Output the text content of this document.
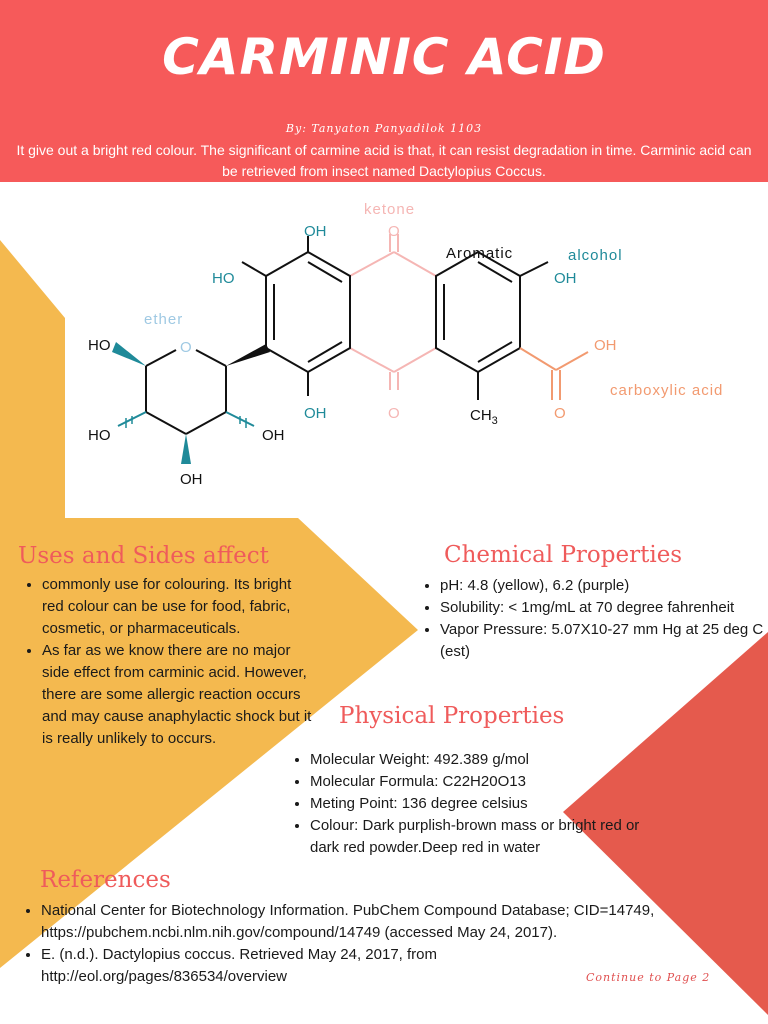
CARMINIC ACID
By: Tanyaton Panyadilok 1103
It give out a bright red colour. The significant of carmine acid is that, it can resist degradation in time. Carminic acid can be retrieved from insect named Dactylopius Coccus.
OH
HO
OH
O
O	$CH_3$
OH
OH
O
O
HO
HO	OH
OH
ketone
Aromatic	alcohol
ether
carboxylic acid
Uses and Sides affect
• commonly use for colouring. Its bright red colour can be use for food, fabric, cosmetic, or pharmaceuticals.
• As far as we know there are no major side effect from carminic acid. However, there are some allergic reaction occurs and may cause anaphylactic shock but it is really unlikely to occurs.
Chemical Properties
• pH: 4.8 (yellow), 6.2 (purple)
• Solubility: < 1mg/mL at 70 degree fahrenheit
• Vapor Pressure: 5.07X10-27 mm Hg at 25 deg C (est)
Physical Properties
• Molecular Weight: 492.389 g/mol
• Molecular Formula: C22H20O13
• Meting Point: 136 degree celsius
• Colour: Dark purplish-brown mass or bright red or dark red powder.Deep red in water
References
• National Center for Biotechnology Information. PubChem Compound Database; CID=14749, https://pubchem.ncbi.nlm.nih.gov/compound/14749 (accessed May 24, 2017).
• E. (n.d.). Dactylopius coccus. Retrieved May 24, 2017, from http://eol.org/pages/836534/overview	Continue to Page 2
